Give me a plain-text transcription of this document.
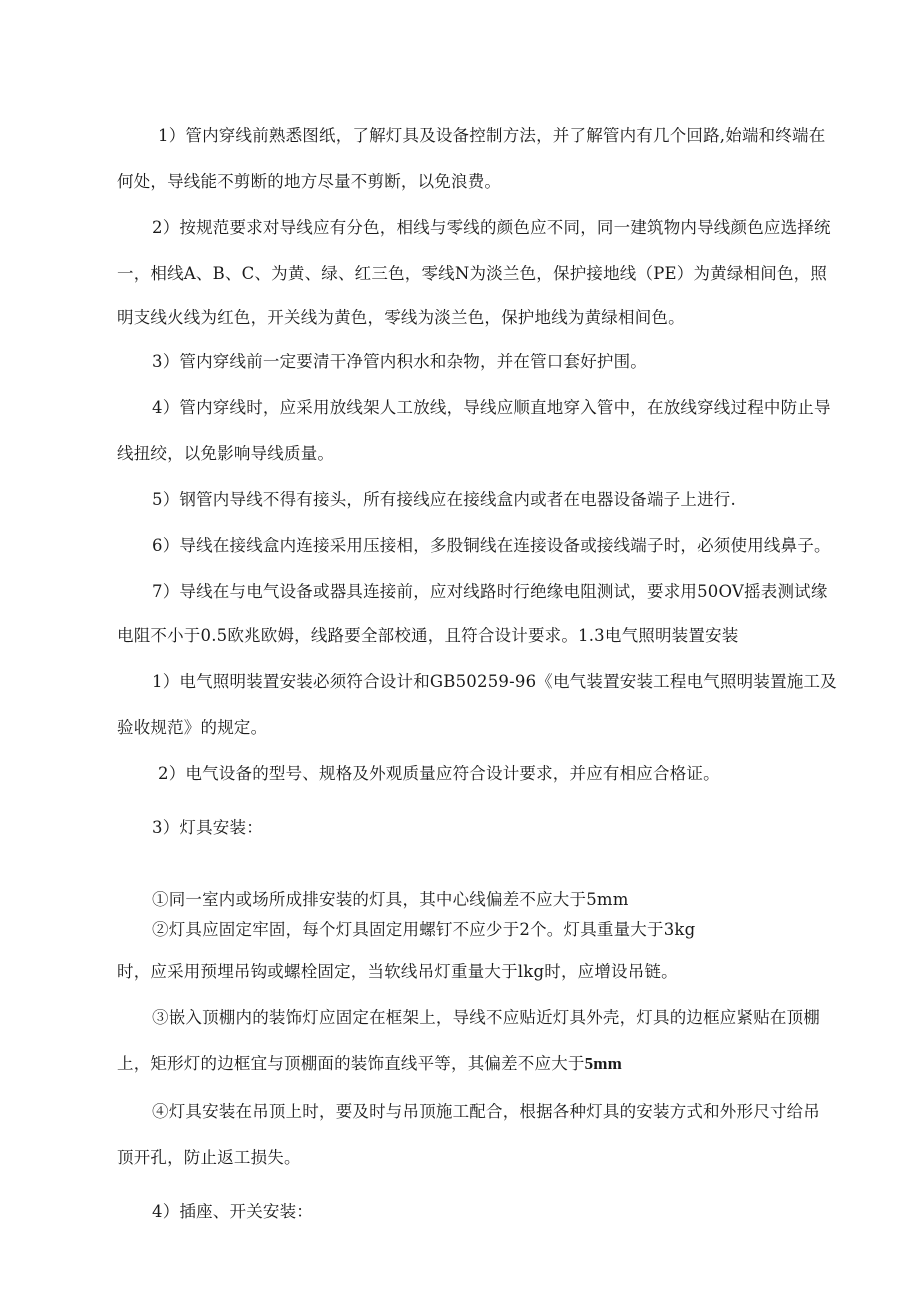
1）管内穿线前熟悉图纸，了解灯具及设备控制方法，并了解管内有几个回路,始端和终端在
何处，导线能不剪断的地方尽量不剪断，以免浪费。
2）按规范要求对导线应有分色，相线与零线的颜色应不同，同一建筑物内导线颜色应选择统
一，相线A、B、C、为黄、绿、红三色，零线N为淡兰色，保护接地线（PE）为黄绿相间色，照
明支线火线为红色，开关线为黄色，零线为淡兰色，保护地线为黄绿相间色。
3）管内穿线前一定要清干净管内积水和杂物，并在管口套好护围。
4）管内穿线时，应采用放线架人工放线，导线应顺直地穿入管中，在放线穿线过程中防止导
线扭绞，以免影响导线质量。
5）钢管内导线不得有接头，所有接线应在接线盒内或者在电器设备端子上进行.
6）导线在接线盒内连接采用压接相，多股铜线在连接设备或接线端子时，必须使用线鼻子。
7）导线在与电气设备或器具连接前，应对线路时行绝缘电阻测试，要求用50OV摇表测试缘
电阻不小于0.5欧兆欧姆，线路要全部校通，且符合设计要求。1.3电气照明装置安装
1）电气照明装置安装必须符合设计和GB50259-96《电气装置安装工程电气照明装置施工及
验收规范》的规定。
2）电气设备的型号、规格及外观质量应符合设计要求，并应有相应合格证。
3）灯具安装：
①同一室内或场所成排安装的灯具，其中心线偏差不应大于5mm
②灯具应固定牢固，每个灯具固定用螺钉不应少于2个。灯具重量大于3kg
时，应采用预埋吊钩或螺栓固定，当软线吊灯重量大于lkg时，应增设吊链。
③嵌入顶棚内的装饰灯应固定在框架上，导线不应贴近灯具外壳，灯具的边框应紧贴在顶棚
上，矩形灯的边框宜与顶棚面的装饰直线平等，其偏差不应大于5mm
④灯具安装在吊顶上时，要及时与吊顶施工配合，根据各种灯具的安装方式和外形尺寸给吊
顶开孔，防止返工损失。
4）插座、开关安装：
